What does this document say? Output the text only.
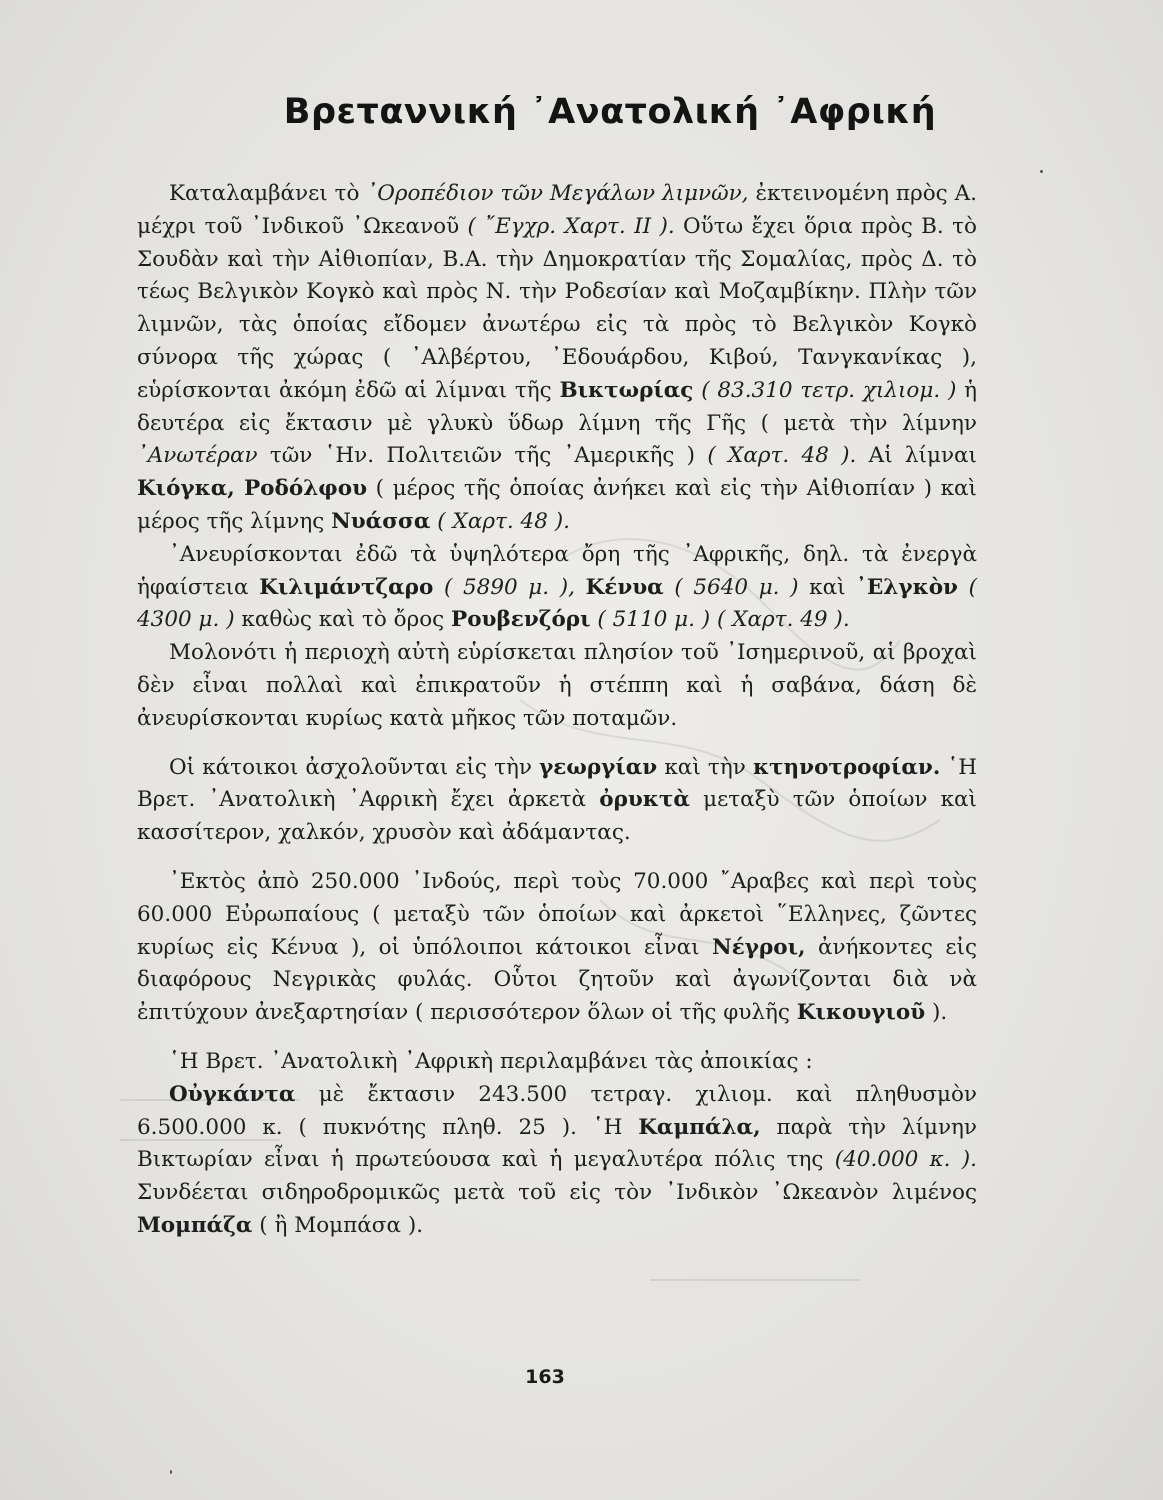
Βρεταννική ᾿Ανατολική ᾿Αφρική

Καταλαμβάνει τὸ ᾿Οροπέδιον τῶν Μεγάλων λιμνῶν, ἐκτεινομένη πρὸς Α. μέχρι τοῦ ᾿Ινδικοῦ ᾿Ωκεανοῦ ( ῎Εγχρ. Χαρτ. ΙΙ ). Οὕτω ἔχει ὅρια πρὸς Β. τὸ Σουδὰν καὶ τὴν Αἰθιοπίαν, Β.Α. τὴν Δημοκρατίαν τῆς Σομαλίας, πρὸς Δ. τὸ τέως Βελγικὸν Κογκὸ καὶ πρὸς Ν. τὴν Ροδεσίαν καὶ Μοζαμβίκην. Πλὴν τῶν λιμνῶν, τὰς ὁποίας εἴδομεν ἀνωτέρω εἰς τὰ πρὸς τὸ Βελγικὸν Κογκὸ σύνορα τῆς χώρας ( ᾿Αλβέρτου, ᾿Εδουάρδου, Κιβού, Τανγκανίκας ), εὑρίσκονται ἀκόμη ἐδῶ αἱ λίμναι τῆς Βικτωρίας ( 83.310 τετρ. χιλιομ. ) ἡ δευτέρα εἰς ἔκτασιν μὲ γλυκὺ ὕδωρ λίμνη τῆς Γῆς ( μετὰ τὴν λίμνην ᾿Ανωτέραν τῶν ῾Ην. Πολιτειῶν τῆς ᾿Αμερικῆς ) ( Χαρτ. 48 ). Αἱ λίμναι Κιόγκα, Ροδόλφου ( μέρος τῆς ὁποίας ἀνήκει καὶ εἰς τὴν Αἰθιοπίαν ) καὶ μέρος τῆς λίμνης Νυάσσα ( Χαρτ. 48 ).

᾿Ανευρίσκονται ἐδῶ τὰ ὑψηλότερα ὄρη τῆς ᾿Αφρικῆς, δηλ. τὰ ἐνεργὰ ἡφαίστεια Κιλιμάντζαρο ( 5890 μ. ), Κένυα ( 5640 μ. ) καὶ ᾿Ελγκὸν ( 4300 μ. ) καθὼς καὶ τὸ ὄρος Ρουβενζόρι ( 5110 μ. ) ( Χαρτ. 49 ).

Μολονότι ἡ περιοχὴ αὐτὴ εὑρίσκεται πλησίον τοῦ ᾿Ισημερινοῦ, αἱ βροχαὶ δὲν εἶναι πολλαὶ καὶ ἐπικρατοῦν ἡ στέππη καὶ ἡ σαβάνα, δάση δὲ ἀνευρίσκονται κυρίως κατὰ μῆκος τῶν ποταμῶν.

Οἱ κάτοικοι ἀσχολοῦνται εἰς τὴν γεωργίαν καὶ τὴν κτηνοτροφίαν. ῾Η Βρετ. ᾿Ανατολικὴ ᾿Αφρικὴ ἔχει ἀρκετὰ ὀρυκτὰ μεταξὺ τῶν ὁποίων καὶ κασσίτερον, χαλκόν, χρυσὸν καὶ ἀδάμαντας.

᾿Εκτὸς ἀπὸ 250.000 ᾿Ινδούς, περὶ τοὺς 70.000 ῎Αραβες καὶ περὶ τοὺς 60.000 Εὐρωπαίους ( μεταξὺ τῶν ὁποίων καὶ ἀρκετοὶ ῞Ελληνες, ζῶντες κυρίως εἰς Κένυα ), οἱ ὑπόλοιποι κάτοικοι εἶναι Νέγροι, ἀνήκοντες εἰς διαφόρους Νεγρικὰς φυλάς. Οὗτοι ζητοῦν καὶ ἀγωνίζονται διὰ νὰ ἐπιτύχουν ἀνεξαρτησίαν ( περισσότερον ὅλων οἱ τῆς φυλῆς Κικουγιοῦ ).

῾Η Βρετ. ᾿Ανατολικὴ ᾿Αφρικὴ περιλαμβάνει τὰς ἀποικίας :

Οὐγκάντα μὲ ἔκτασιν 243.500 τετραγ. χιλιομ. καὶ πληθυσμὸν 6.500.000 κ. ( πυκνότης πληθ. 25 ). ῾Η Καμπάλα, παρὰ τὴν λίμνην Βικτωρίαν εἶναι ἡ πρωτεύουσα καὶ ἡ μεγαλυτέρα πόλις της (40.000 κ. ). Συνδέεται σιδηροδρομικῶς μετὰ τοῦ εἰς τὸν ᾿Ινδικὸν ᾿Ωκεανὸν λιμένος Μομπάζα ( ἢ Μομπάσα ).

163
